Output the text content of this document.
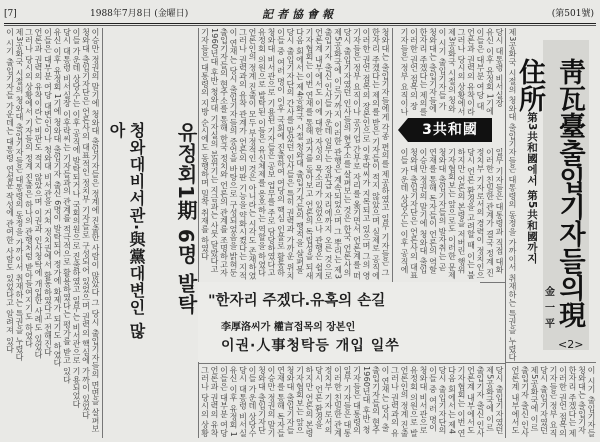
[7]	1988年7月8日 (金曜日)	記者協會報	(第501號)
이승만 정권의 말기에 청와대 출입기자들은 정계에 진출한 사람이 많았다 그 당시 출입기자들의 면면을 살펴보
청와대 출입기자단은 언론사의 대표적인 정치부 기자들로 구성되어 있었으며 권력의 핵심에 가까이 있었다
이들 가운데 상당수는 이후 공직에 발탁되거나 국회의원으로 진출하였고 일부는 비서관으로 기용되었다
당시 대통령 비서실장 이후락씨는 기자들과의 관계를 적극적으로 활용하였다는 평가를 받고 있다
유신 이후 유정회 1기에 청와대 출입기자 출신 6명이 발탁되어 정가에 화제가 되기도 하였다
이들은 대부분 여당 대변인이나 청와대 비서관을 거쳐 정치권에서 활동하였다고 전해진다
언론과 권력의 유착이라는 비판도 적지 않았으며 이권과 인사청탁에 개입한 사례도 있었다
그러나 당시의 상황에서 기자들의 정계 진출은 하나의 관행처럼 받아들여지기도 하였다
제3공화국 시절의 청와대 출입기자들은 대통령의 동정을 가까이서 취재하는 특권을 누렸다
이 시기 출입기자들 가운데는 대통령 연설문 작성에 관여한 사람도 있었다고 알려져 있다	청와대는 출입기자들에게 각종 편의를 제공하였고 일부 기자들은 그
한자리 주겠다는 제의를 받은 기자들이 적지 않았으며 실제로 공직에
이러한 권언 접목의 장본인으로 이후락씨가 지목되고 있으며 그의 영
기자들은 정부 요직이나 공기업 간부로 자리를 옮기면서 언론계를 떠
당시 출입기자였던 인사들의 현주소를 살펴보는 것은 한국 언론사의
제5공화국에 이르기까지 이러한 관행은 계속되었으며 그 뿌리는 제3
출입기자 출신 인사들 가운데 일부는 장관급 자리에까지 오른 것으로
언론계 내부에서도 이에 대한 자성의 목소리가 있었으나 관행은 쉽게
기자협회는 이번 연재를 통해 과거를 돌아보고 언론의 독립성을 되새
다음 회에서는 제4공화국 시절 청와대 출입기자들의 행적을 살펴볼
당시 출입기자단의 간사를 맡았던 인사들은 특히 권력과 가까운 위치
이들 중 여러 명이 이후 국회에 진출하여 여당의 핵심 인물로 활동하
청와대 비서관으로 기용된 기자들은 공보 업무를 주로 담당하였다고
유정회 의원으로 발탁된 이들은 유신체제를 옹호하는 역할을 하였다
언론인의 정계 진출이 모두 부정적인 것은 아니라는 시각도 존재하였
그러나 권력과의 유착 관계가 언론의 비판 기능을 약화시켰다는 지적
이 연재는 당시 출입기자들의 증언을 바탕으로 구성되었음을 밝혀둔
출입기자들의 현주소를 통해 한국 정치와 언론의 관계를 조명하고자
1960년대 후반 청와대 기자실의 분위기는 지금과는 사뭇 달랐다고
기자들은 대통령의 지방 순시에도 동행하며 밀착 취재를 하였다	일부 기자들은 대통령과 직접 대화
이러한 친밀한 관계가 결국 정계 진
정치부 기자로서의 경력이 정치인으
당시 언론 환경을 고려할 때 이는 불
하지만 언론의 본령을 저버린 행위
기자협회보는 앞으로도 이러한 문제
청와대 출입기자들의 발자취는 곧
연재를 통해 독자들이 언론의 역할
이승만 정권의 말기에 청와대 출입
청와대 출입기자단은 언론사의 대표
이들 가운데 상당수는 이후 공직에
당시 대통령 비서실장
유신 이후 유정회 1기에
이들은 대부분 여당 대
언론과 권력의 유착이라
그러나 당시의 상황에서
제3공화국 시절의 청와
이 시기 출입기자들 가
청와대는 출입기자들에
한자리 주겠다는 제의를
이러한 권언 접목의 장
기자들은 정부 요직이나
당시 출입기자였던
제5공화국에 이르
출입기자 출신 인사
언론계 내부에서도
기자협회는 이번 연
다음 회에서는 제4
당시 출입기자단의
이들 중 여러 명이
청와대 비서관으로
유정회 의원으로 발
언론인의 정계 진출
그러나 권력과의 유
이 연재는 당시 출
출입기자들의 현주
1960년대 후반 청
기자들은 대통령의
일부 기자들은 대통
이러한 친밀한 관계
정치부 기자로서의
당시 언론 환경을
하지만 언론의 본령
기자협회보는 앞으
청와대 출입기자들
연재를 통해 독자들
이승만 정권의 말기
청와대 출입기자단
이들 가운데 상당수
당시 대통령 비서실
유신 이후 유정회 1
이들은 대부분 여당
언론과 권력의 유착
그러나 당시의 상황
제3공화국 시절의 청와대 출입기자들은 대통령의 동정을 가까이서 취재하는 특권을 누렸다
이 시기 출입기자들
청와대는 출입기자
한자리 주겠다는 제
이러한 권언 접목의
기자들은 정부 요직
당시 출입기자였던
제5공화국에 이르
출입기자 출신 인사
언론계 내부에서도
청와대비서관·與黨대변인 많아	유정회1期 6명 발탁	3共和國	靑瓦臺출입기자들의現住所
第3共和國에서 第5共和國까지
金
一
平
<2>
"한자리 주겠다.유혹의 손길
李厚洛씨가 權言접목의 장본인
이권·人事청탁등 개입 일쑤
